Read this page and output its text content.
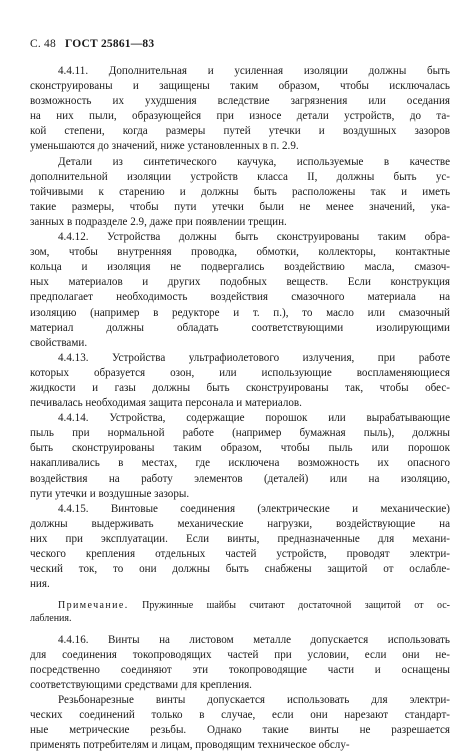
С. 48 ГОСТ 25861—83
4.4.11. Дополнительная и усиленная изоляции должны быть
сконструированы и защищены таким образом, чтобы исключалась
возможность их ухудшения вследствие загрязнения или оседания
на них пыли, образующейся при износе детали устройств, до та-
кой степени, когда размеры путей утечки и воздушных зазоров
уменьшаются до значений, ниже установленных в п. 2.9.
Детали из синтетического каучука, используемые в качестве
дополнительной изоляции устройств класса II, должны быть ус-
тойчивыми к старению и должны быть расположены так и иметь
такие размеры, чтобы пути утечки были не менее значений, ука-
занных в подразделе 2.9, даже при появлении трещин.
4.4.12. Устройства должны быть сконструированы таким обра-
зом, чтобы внутренняя проводка, обмотки, коллекторы, контактные
кольца и изоляция не подвергались воздействию масла, смазоч-
ных материалов и других подобных веществ. Если конструкция
предполагает необходимость воздействия смазочного материала на
изоляцию (например в редукторе и т. п.), то масло или смазочный
материал должны обладать соответствующими изолирующими
свойствами.
4.4.13. Устройства ультрафиолетового излучения, при работе
которых образуется озон, или использующие воспламеняющиеся
жидкости и газы должны быть сконструированы так, чтобы обес-
печивалась необходимая защита персонала и материалов.
4.4.14. Устройства, содержащие порошок или вырабатывающие
пыль при нормальной работе (например бумажная пыль), должны
быть сконструированы таким образом, чтобы пыль или порошок
накапливались в местах, где исключена возможность их опасного
воздействия на работу элементов (деталей) или на изоляцию,
пути утечки и воздушные зазоры.
4.4.15. Винтовые соединения (электрические и механические)
должны выдерживать механические нагрузки, воздействующие на
них при эксплуатации. Если винты, предназначенные для механи-
ческого крепления отдельных частей устройств, проводят электри-
ческий ток, то они должны быть снабжены защитой от ослабле-
ния.
Примечание. Пружинные шайбы считают достаточной защитой от ос-
лабления.
4.4.16. Винты на листовом металле допускается использовать
для соединения токопроводящих частей при условии, если они не-
посредственно соединяют эти токопроводящие части и оснащены
соответствующими средствами для крепления.
Резьбонарезные винты допускается использовать для электри-
ческих соединений только в случае, если они нарезают стандарт-
ные метрические резьбы. Однако такие винты не разрешается
применять потребителям и лицам, проводящим техническое обслу-
